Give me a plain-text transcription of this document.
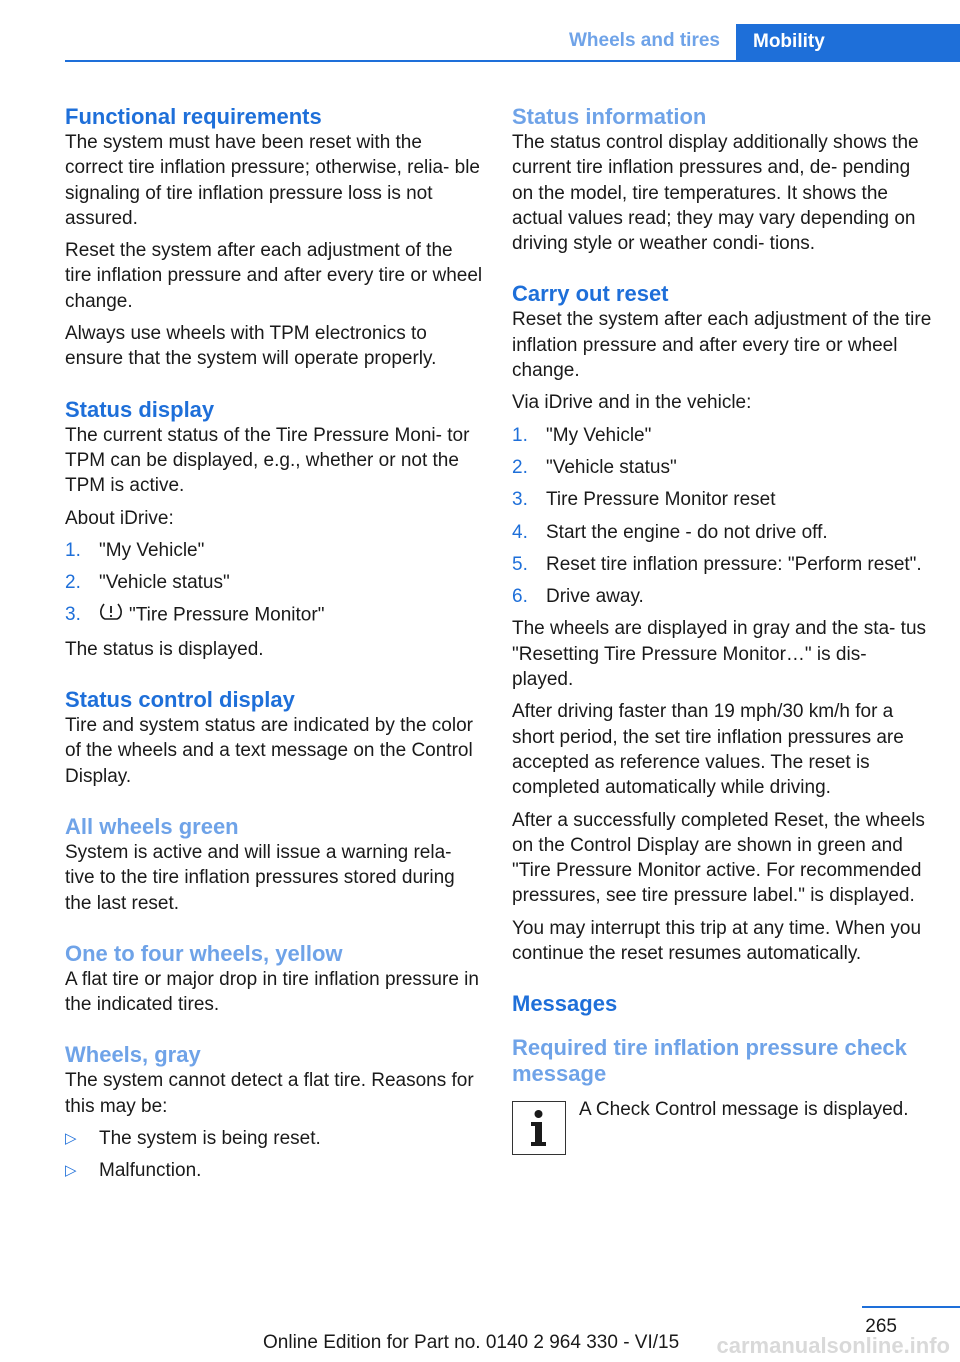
Wheels and tires	Mobility
Functional requirements

The system must have been reset with the correct tire inflation pressure; otherwise, relia- ble signaling of tire inflation pressure loss is not assured.

Reset the system after each adjustment of the tire inflation pressure and after every tire or wheel change.

Always use wheels with TPM electronics to ensure that the system will operate properly.

Status display

The current status of the Tire Pressure Moni- tor TPM can be displayed, e.g., whether or not the TPM is active.

About iDrive:

1. "My Vehicle"
2. "Vehicle status"
3.	"Tire Pressure Monitor"

The status is displayed.

Status control display

Tire and system status are indicated by the color of the wheels and a text message on the Control Display.

All wheels green

System is active and will issue a warning rela- tive to the tire inflation pressures stored during the last reset.

One to four wheels, yellow

A flat tire or major drop in tire inflation pressure in the indicated tires.

Wheels, gray

The system cannot detect a flat tire. Reasons for this may be:

▷ The system is being reset.
▷ Malfunction.
Status information

The status control display additionally shows the current tire inflation pressures and, de- pending on the model, tire temperatures. It shows the actual values read; they may vary depending on driving style or weather condi- tions.

Carry out reset

Reset the system after each adjustment of the tire inflation pressure and after every tire or wheel change.

Via iDrive and in the vehicle:

1. "My Vehicle"
2. "Vehicle status"
3. Tire Pressure Monitor reset
4. Start the engine - do not drive off.
5. Reset tire inflation pressure: "Perform reset".
6. Drive away.

The wheels are displayed in gray and the sta- tus "Resetting Tire Pressure Monitor…" is dis- played.

After driving faster than 19 mph/30 km/h for a short period, the set tire inflation pressures are accepted as reference values. The reset is completed automatically while driving.

After a successfully completed Reset, the wheels on the Control Display are shown in green and "Tire Pressure Monitor active. For recommended pressures, see tire pressure label." is displayed.

You may interrupt this trip at any time. When you continue the reset resumes automatically.

Messages
Required tire inflation pressure check message
A Check Control message is displayed.
265
Online Edition for Part no. 0140 2 964 330 - VI/15 carmanualsonline.info
